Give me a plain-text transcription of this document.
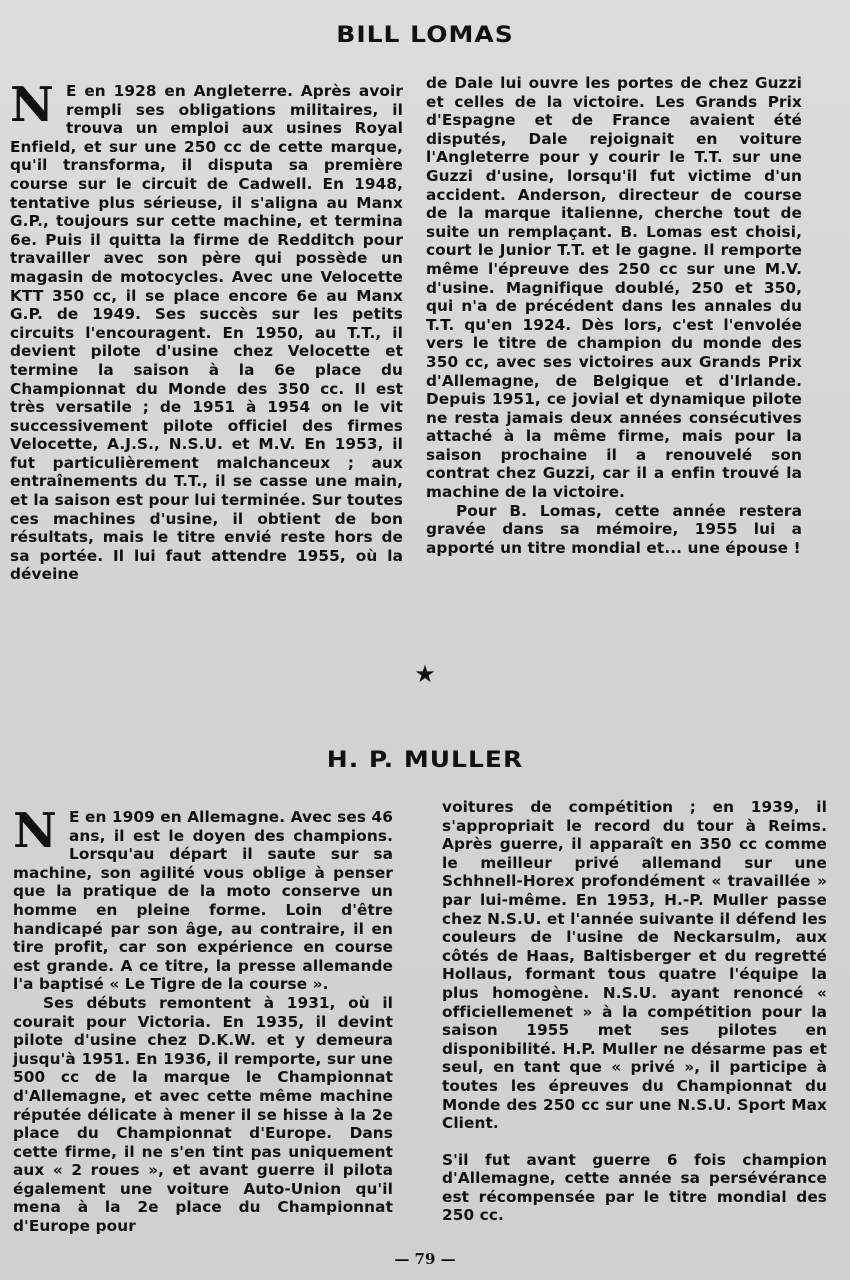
BILL LOMAS

N E en 1928 en Angleterre. Après avoir rempli ses obligations militaires, il trouva un emploi aux usines Royal Enfield, et sur une 250 cc de cette marque, qu'il transforma, il disputa sa première course sur le circuit de Cadwell. En 1948, tentative plus sérieuse, il s'aligna au Manx G.P., toujours sur cette machine, et termina 6e. Puis il quitta la firme de Redditch pour travailler avec son père qui possède un magasin de motocycles. Avec une Velocette KTT 350 cc, il se place encore 6e au Manx G.P. de 1949. Ses succès sur les petits circuits l'encouragent. En 1950, au T.T., il devient pilote d'usine chez Velocette et termine la saison à la 6e place du Championnat du Monde des 350 cc. Il est très versatile ; de 1951 à 1954 on le vit successivement pilote officiel des firmes Velocette, A.J.S., N.S.U. et M.V. En 1953, il fut particulièrement malchanceux ; aux entraînements du T.T., il se casse une main, et la saison est pour lui terminée. Sur toutes ces machines d'usine, il obtient de bon résultats, mais le titre envié reste hors de sa portée. Il lui faut attendre 1955, où la déveine

de Dale lui ouvre les portes de chez Guzzi et celles de la victoire. Les Grands Prix d'Espagne et de France avaient été disputés, Dale rejoignait en voiture l'Angleterre pour y courir le T.T. sur une Guzzi d'usine, lorsqu'il fut victime d'un accident. Anderson, directeur de course de la marque italienne, cherche tout de suite un remplaçant. B. Lomas est choisi, court le Junior T.T. et le gagne. Il remporte même l'épreuve des 250 cc sur une M.V. d'usine. Magnifique doublé, 250 et 350, qui n'a de précédent dans les annales du T.T. qu'en 1924. Dès lors, c'est l'envolée vers le titre de champion du monde des 350 cc, avec ses victoires aux Grands Prix d'Allemagne, de Belgique et d'Irlande. Depuis 1951, ce jovial et dynamique pilote ne resta jamais deux années consécutives attaché à la même firme, mais pour la saison prochaine il a renouvelé son contrat chez Guzzi, car il a enfin trouvé la machine de la victoire.

Pour B. Lomas, cette année restera gravée dans sa mémoire, 1955 lui a apporté un titre mondial et... une épouse !

★
H. P. MULLER

N E en 1909 en Allemagne. Avec ses 46 ans, il est le doyen des champions. Lorsqu'au départ il saute sur sa machine, son agilité vous oblige à penser que la pratique de la moto conserve un homme en pleine forme. Loin d'être handicapé par son âge, au contraire, il en tire profit, car son expérience en course est grande. A ce titre, la presse allemande l'a baptisé « Le Tigre de la course ».

Ses débuts remontent à 1931, où il courait pour Victoria. En 1935, il devint pilote d'usine chez D.K.W. et y demeura jusqu'à 1951. En 1936, il remporte, sur une 500 cc de la marque le Championnat d'Allemagne, et avec cette même machine réputée délicate à mener il se hisse à la 2e place du Championnat d'Europe. Dans cette firme, il ne s'en tint pas uniquement aux « 2 roues », et avant guerre il pilota également une voiture Auto-Union qu'il mena à la 2e place du Championnat d'Europe pour

voitures de compétition ; en 1939, il s'appropriait le record du tour à Reims. Après guerre, il apparaît en 350 cc comme le meilleur privé allemand sur une Schhnell-Horex profondément « travaillée » par lui-même. En 1953, H.-P. Muller passe chez N.S.U. et l'année suivante il défend les couleurs de l'usine de Neckarsulm, aux côtés de Haas, Baltisberger et du regretté Hollaus, formant tous quatre l'équipe la plus homogène. N.S.U. ayant renoncé « officiellemenet » à la compétition pour la saison 1955 met ses pilotes en disponibilité. H.P. Muller ne désarme pas et seul, en tant que « privé », il participe à toutes les épreuves du Championnat du Monde des 250 cc sur une N.S.U. Sport Max Client.

S'il fut avant guerre 6 fois champion d'Allemagne, cette année sa persévérance est récompensée par le titre mondial des 250 cc.

— 79 —
